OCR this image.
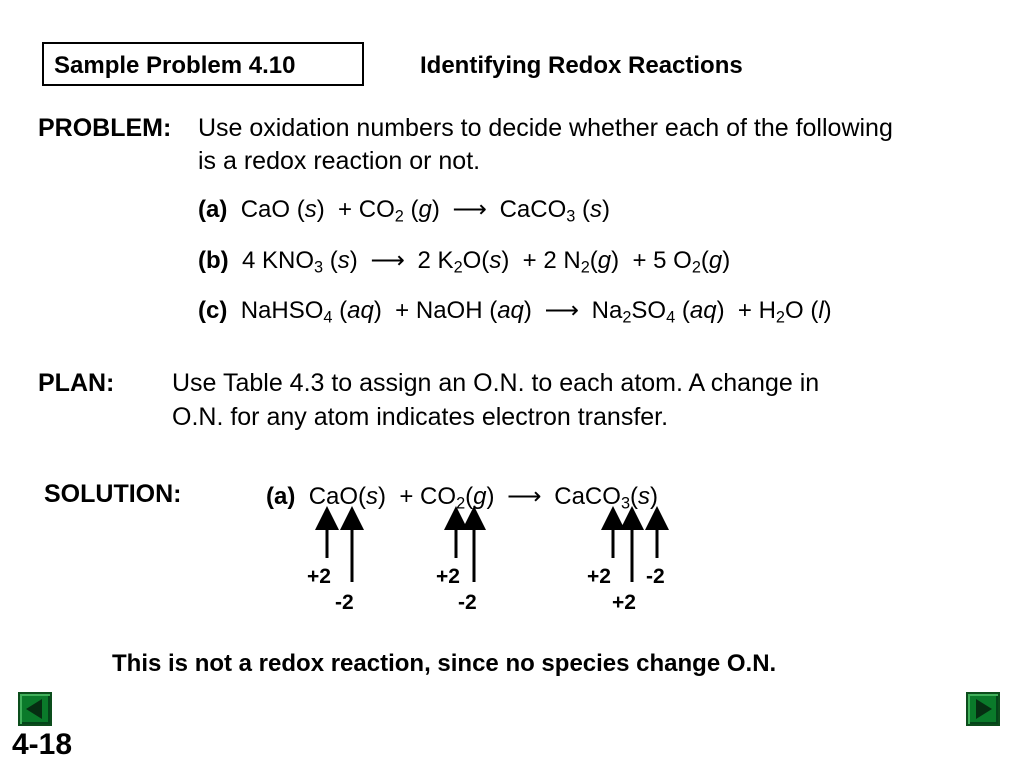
Sample Problem 4.10	Identifying Redox Reactions
PROBLEM: Use oxidation numbers to decide whether each of the following
is a redox reaction or not.
(a) CaO $(s) + CO_2$ (g) ⟶ CaCO$_3$ (s)
(b) 4 $KNO_3$ (s) ⟶ 2 $K_2O(s) + 2$ $N_2(g) + 5$ $O_2(g)$
(c) NaHSO$_4$ (aq) + NaOH (aq) ⟶ $Na_2SO_4$ $(aq) + H_2O$ (l)
PLAN: Use Table 4.3 to assign an O.N. to each atom. A change in
O.N. for any atom indicates electron transfer.
SOLUTION:	(a) $CaO(s) + CO_2(g)$ ⟶ CaCO$_3$(s)
+2
-2
+2
-2
+2
+2
-2
This is not a redox reaction, since no species change O.N.
4-18
